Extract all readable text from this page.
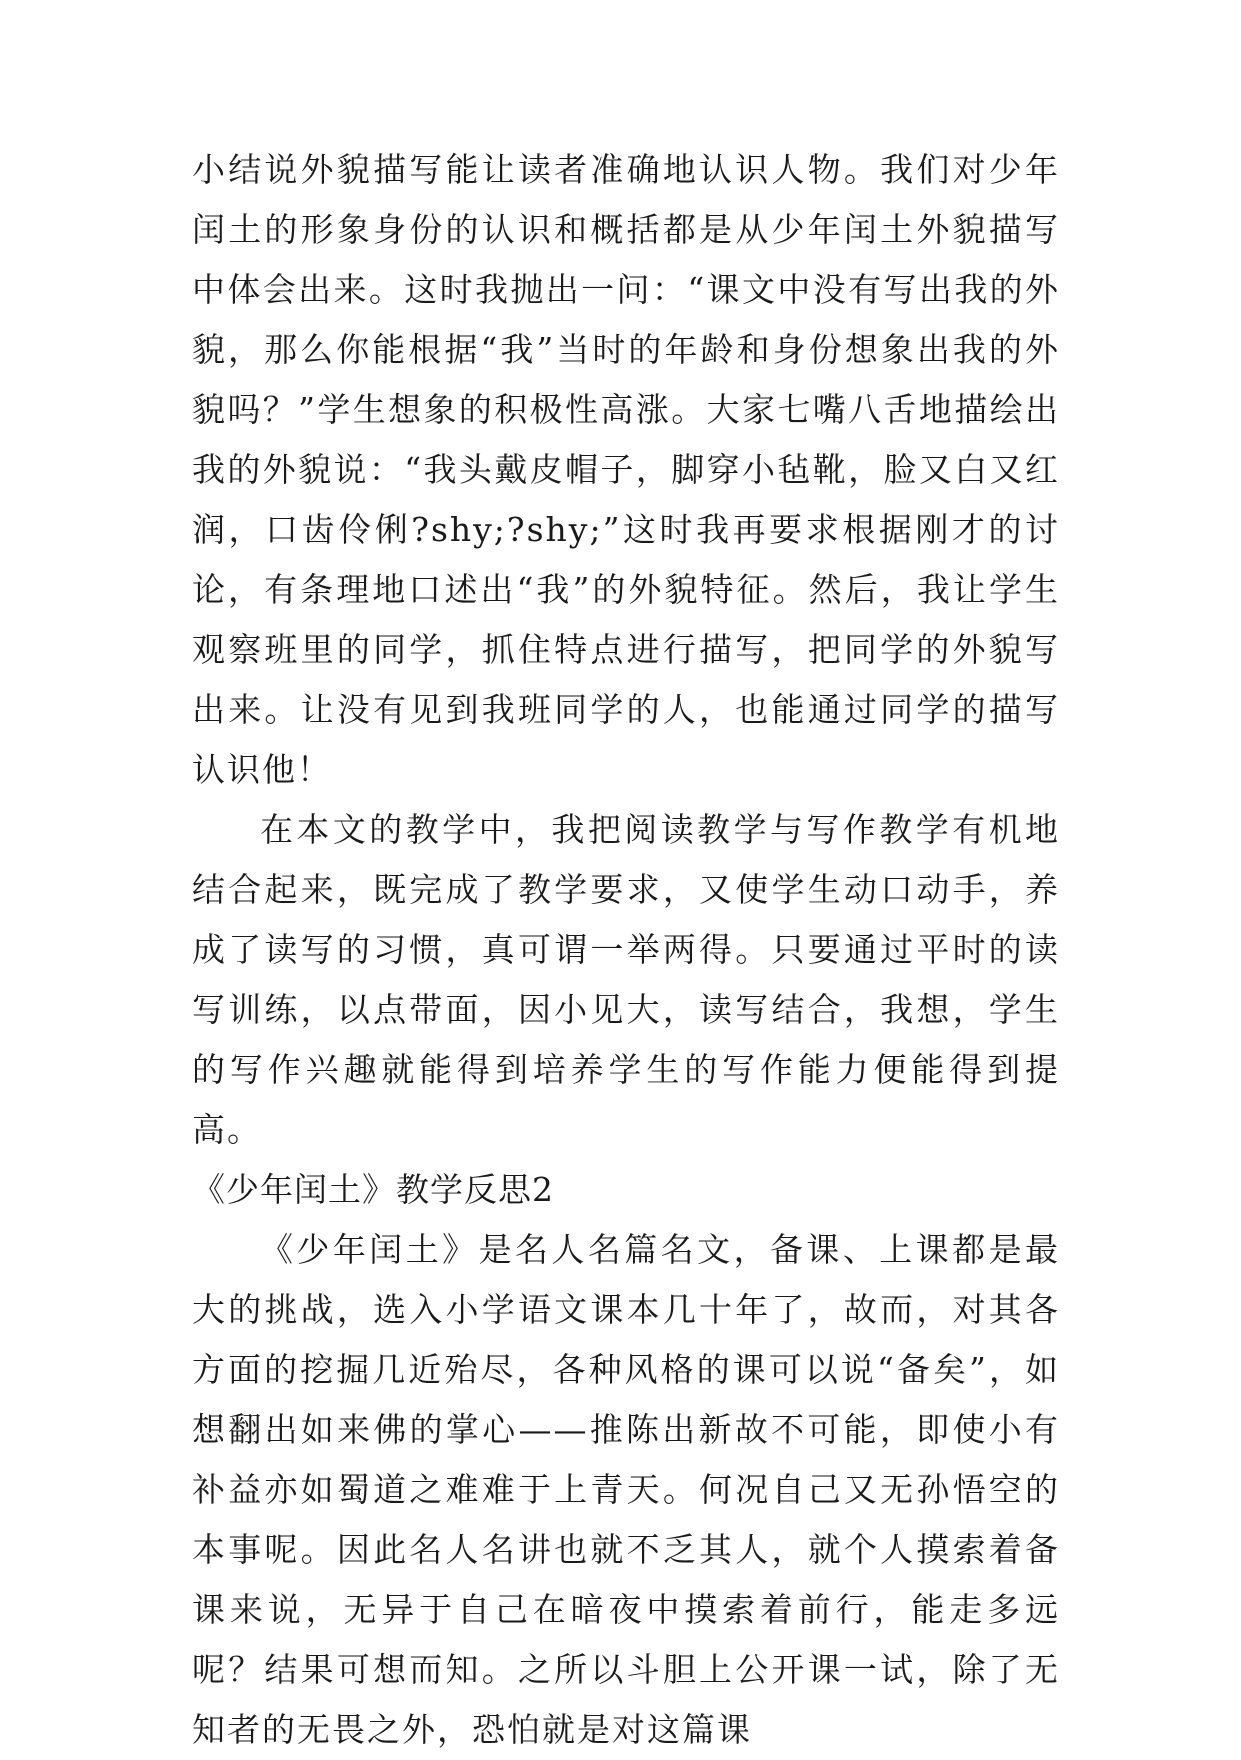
小结说外貌描写能让读者准确地认识人物。我们对少年闰土的形象身份的认识和概括都是从少年闰土外貌描写中体会出来。这时我抛出一问：“课文中没有写出我的外貌，那么你能根据“我”当时的年龄和身份想象出我的外貌吗？”学生想象的积极性高涨。大家七嘴八舌地描绘出我的外貌说：“我头戴皮帽子，脚穿小毡靴，脸又白又红润，口齿伶俐?shy;?shy;”这时我再要求根据刚才的讨论，有条理地口述出“我”的外貌特征。然后，我让学生观察班里的同学，抓住特点进行描写，把同学的外貌写出来。让没有见到我班同学的人，也能通过同学的描写认识他！

在本文的教学中，我把阅读教学与写作教学有机地结合起来，既完成了教学要求，又使学生动口动手，养成了读写的习惯，真可谓一举两得。只要通过平时的读写训练，以点带面，因小见大，读写结合，我想，学生的写作兴趣就能得到培养学生的写作能力便能得到提高。

《少年闰土》教学反思2

《少年闰土》是名人名篇名文，备课、上课都是最大的挑战，选入小学语文课本几十年了，故而，对其各方面的挖掘几近殆尽，各种风格的课可以说“备矣”，如想翻出如来佛的掌心——推陈出新故不可能，即使小有补益亦如蜀道之难难于上青天。何况自己又无孙悟空的本事呢。因此名人名讲也就不乏其人，就个人摸索着备课来说，无异于自己在暗夜中摸索着前行，能走多远呢？结果可想而知。之所以斗胆上公开课一试，除了无知者的无畏之外，恐怕就是对这篇课
